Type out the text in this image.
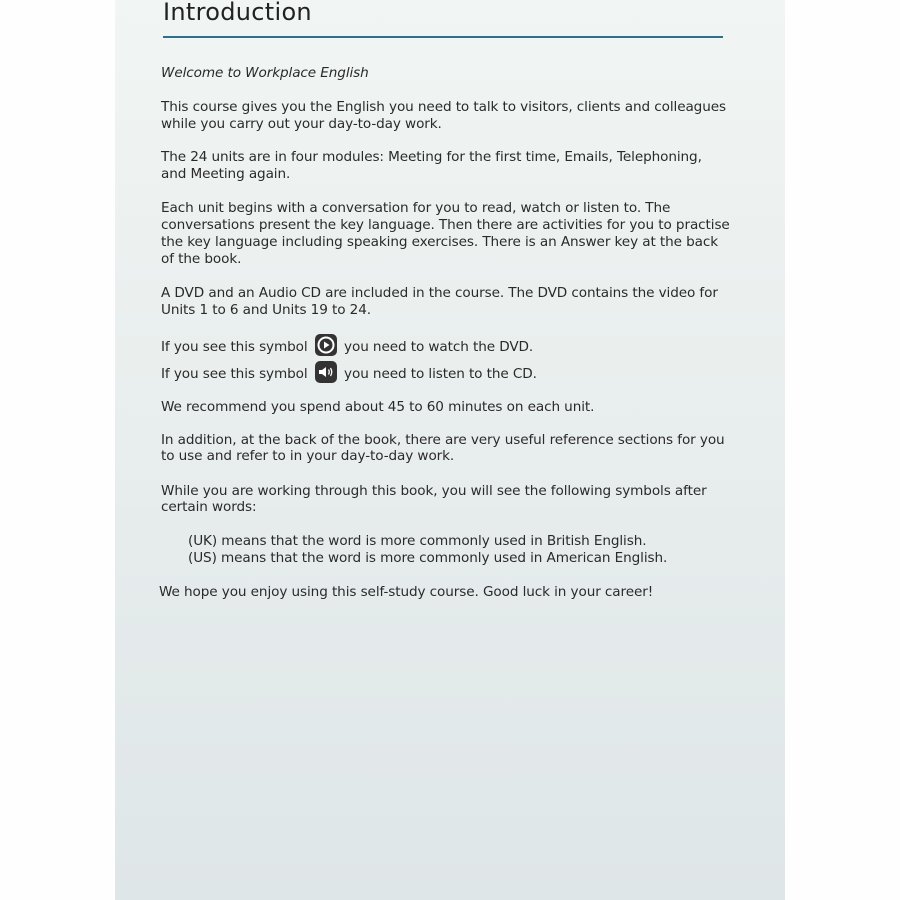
Introduction
Welcome to Workplace English
This course gives you the English you need to talk to visitors, clients and colleagues
while you carry out your day-to-day work.
The 24 units are in four modules: Meeting for the first time, Emails, Telephoning,
and Meeting again.
Each unit begins with a conversation for you to read, watch or listen to. The
conversations present the key language. Then there are activities for you to practise
the key language including speaking exercises. There is an Answer key at the back
of the book.
A DVD and an Audio CD are included in the course. The DVD contains the video for
Units 1 to 6 and Units 19 to 24.
If you see this symbol	you need to watch the DVD.
If you see this symbol	you need to listen to the CD.
We recommend you spend about 45 to 60 minutes on each unit.
In addition, at the back of the book, there are very useful reference sections for you
to use and refer to in your day-to-day work.
While you are working through this book, you will see the following symbols after
certain words:
(UK) means that the word is more commonly used in British English.
(US) means that the word is more commonly used in American English.
We hope you enjoy using this self-study course. Good luck in your career!
